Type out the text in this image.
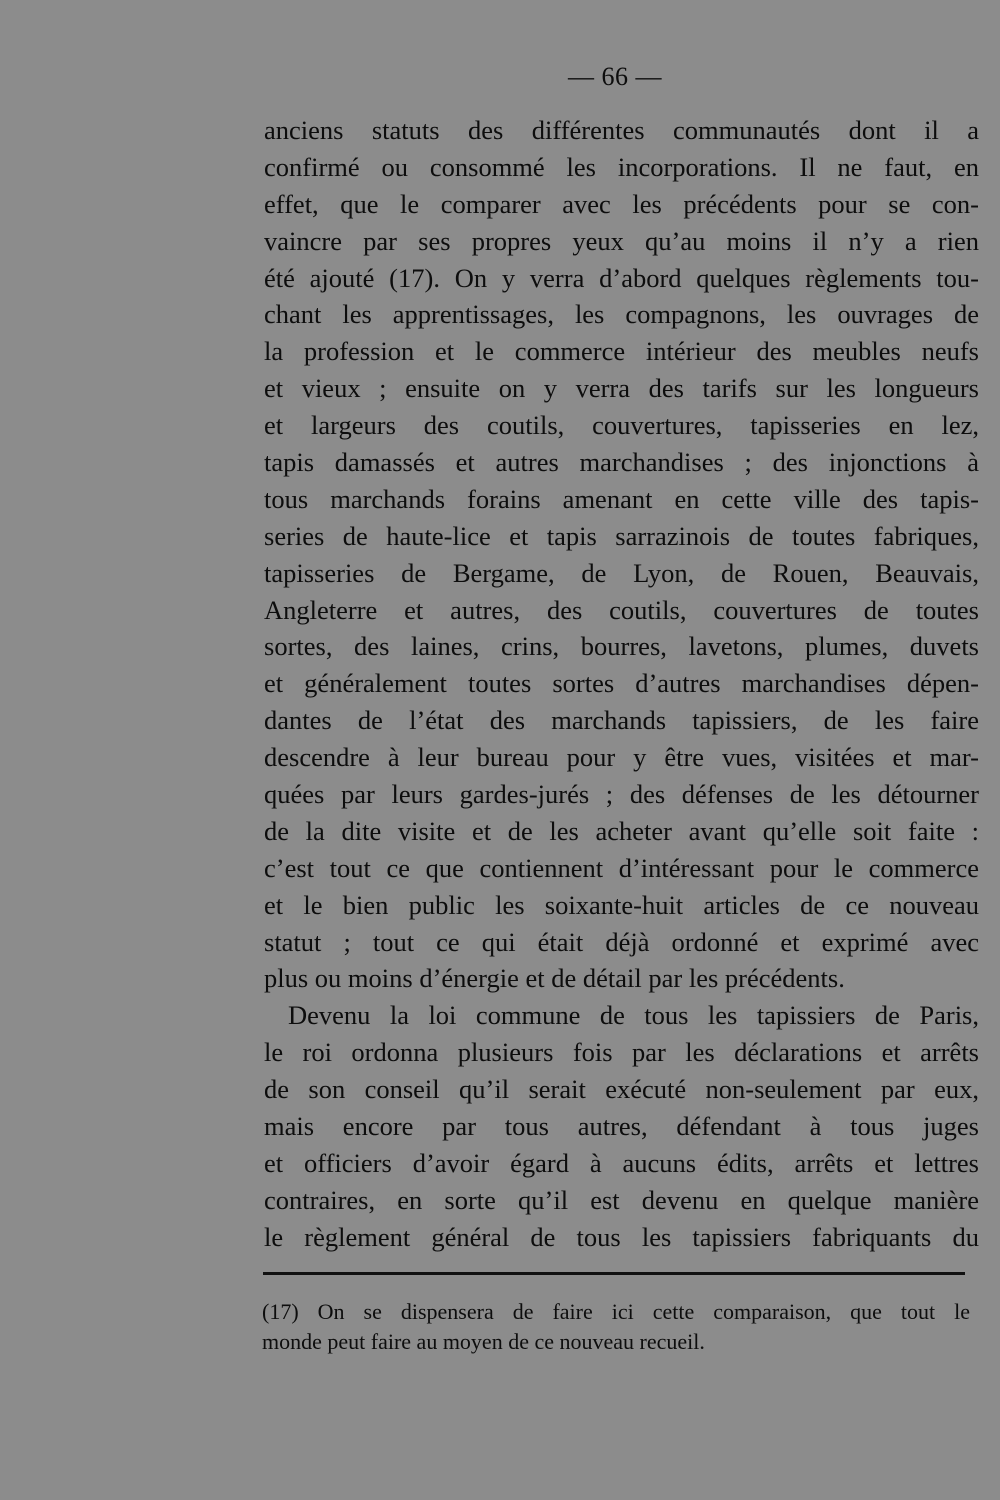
— 66 —
anciens statuts des différentes communautés dont il a
confirmé ou consommé les incorporations. Il ne faut, en
effet, que le comparer avec les précédents pour se con-
vaincre par ses propres yeux qu’au moins il n’y a rien
été ajouté (17). On y verra d’abord quelques règlements tou-
chant les apprentissages, les compagnons, les ouvrages de
la profession et le commerce intérieur des meubles neufs
et vieux ; ensuite on y verra des tarifs sur les longueurs
et largeurs des coutils, couvertures, tapisseries en lez,
tapis damassés et autres marchandises ; des injonctions à
tous marchands forains amenant en cette ville des tapis-
series de haute-lice et tapis sarrazinois de toutes fabriques,
tapisseries de Bergame, de Lyon, de Rouen, Beauvais,
Angleterre et autres, des coutils, couvertures de toutes
sortes, des laines, crins, bourres, lavetons, plumes, duvets
et généralement toutes sortes d’autres marchandises dépen-
dantes de l’état des marchands tapissiers, de les faire
descendre à leur bureau pour y être vues, visitées et mar-
quées par leurs gardes-jurés ; des défenses de les détourner
de la dite visite et de les acheter avant qu’elle soit faite :
c’est tout ce que contiennent d’intéressant pour le commerce
et le bien public les soixante-huit articles de ce nouveau
statut ; tout ce qui était déjà ordonné et exprimé avec
plus ou moins d’énergie et de détail par les précédents.
Devenu la loi commune de tous les tapissiers de Paris,
le roi ordonna plusieurs fois par les déclarations et arrêts
de son conseil qu’il serait exécuté non-seulement par eux,
mais encore par tous autres, défendant à tous juges
et officiers d’avoir égard à aucuns édits, arrêts et lettres
contraires, en sorte qu’il est devenu en quelque manière
le règlement général de tous les tapissiers fabriquants du
(17) On se dispensera de faire ici cette comparaison, que tout le
monde peut faire au moyen de ce nouveau recueil.
